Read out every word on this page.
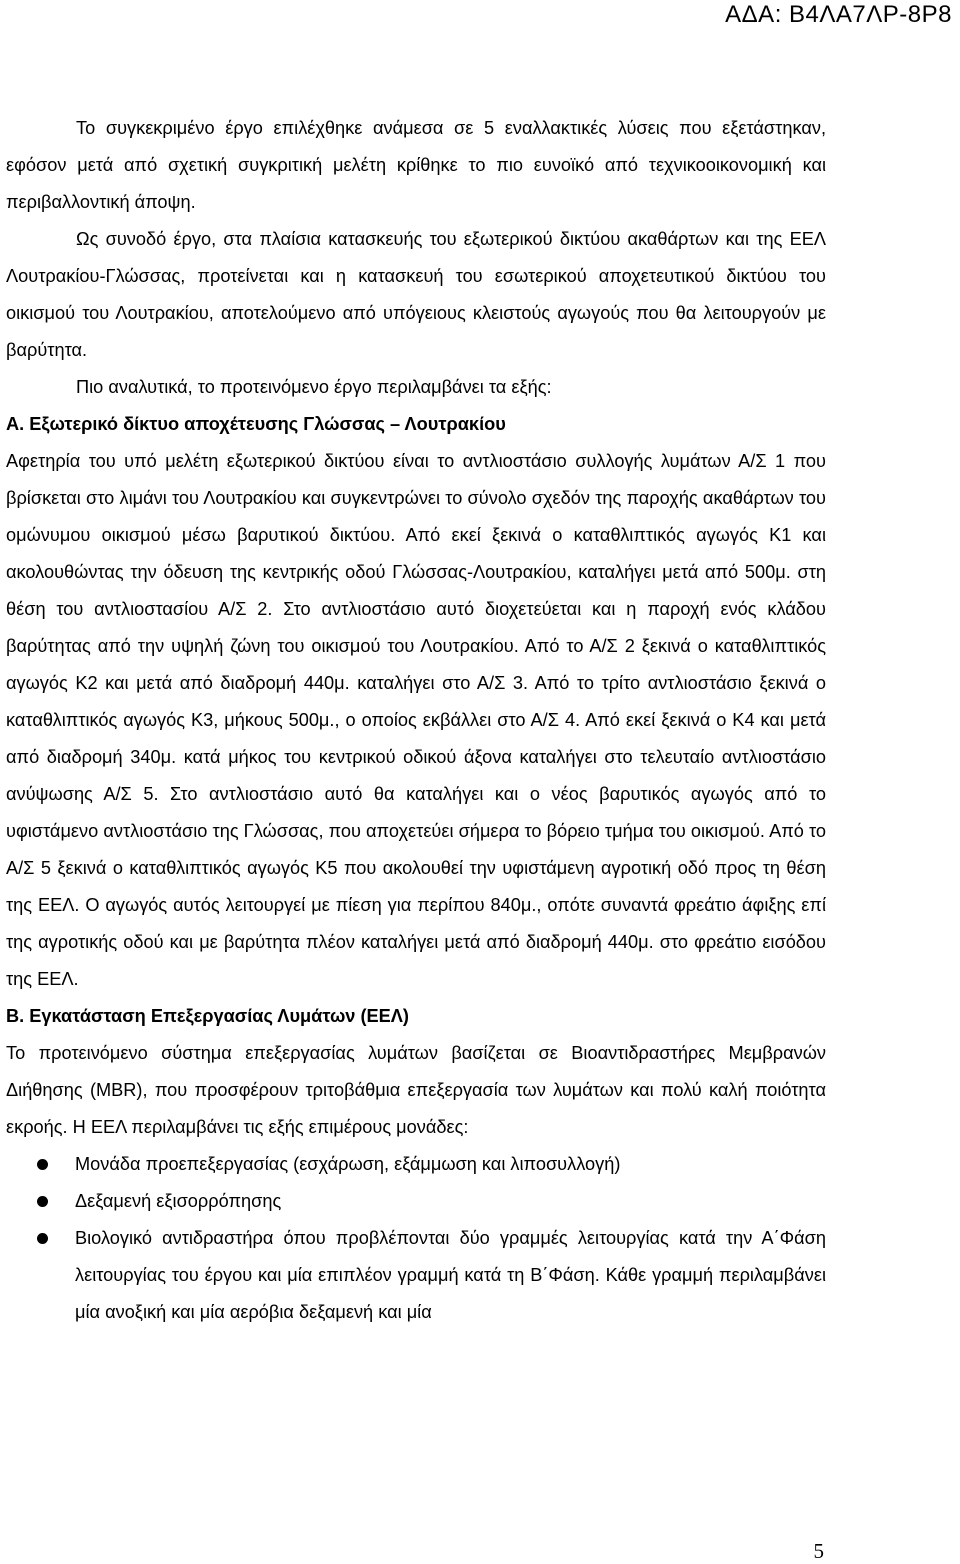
ΑΔΑ: Β4ΛΑ7ΛΡ-8Ρ8

Το συγκεκριμένο έργο επιλέχθηκε ανάμεσα σε 5 εναλλακτικές λύσεις που εξετάστηκαν, εφόσον μετά από σχετική συγκριτική μελέτη κρίθηκε το πιο ευνοϊκό από τεχνικοοικονομική και περιβαλλοντική άποψη.

Ως συνοδό έργο, στα πλαίσια κατασκευής του εξωτερικού δικτύου ακαθάρτων και της ΕΕΛ Λουτρακίου-Γλώσσας, προτείνεται και η κατασκευή του εσωτερικού αποχετευτικού δικτύου του οικισμού του Λουτρακίου, αποτελούμενο από υπόγειους κλειστούς αγωγούς που θα λειτουργούν με βαρύτητα.

Πιο αναλυτικά, το προτεινόμενο έργο περιλαμβάνει τα εξής:

Α. Εξωτερικό δίκτυο αποχέτευσης Γλώσσας – Λουτρακίου

Αφετηρία του υπό μελέτη εξωτερικού δικτύου είναι το αντλιοστάσιο συλλογής λυμάτων Α/Σ 1 που βρίσκεται στο λιμάνι του Λουτρακίου και συγκεντρώνει το σύνολο σχεδόν της παροχής ακαθάρτων του ομώνυμου οικισμού μέσω βαρυτικού δικτύου. Από εκεί ξεκινά ο καταθλιπτικός αγωγός Κ1 και ακολουθώντας την όδευση της κεντρικής οδού Γλώσσας-Λουτρακίου, καταλήγει μετά από 500μ. στη θέση του αντλιοστασίου Α/Σ 2. Στο αντλιοστάσιο αυτό διοχετεύεται και η παροχή ενός κλάδου βαρύτητας από την υψηλή ζώνη του οικισμού του Λουτρακίου. Από το Α/Σ 2 ξεκινά ο καταθλιπτικός αγωγός Κ2 και μετά από διαδρομή 440μ. καταλήγει στο Α/Σ 3. Από το τρίτο αντλιοστάσιο ξεκινά ο καταθλιπτικός αγωγός Κ3, μήκους 500μ., ο οποίος εκβάλλει στο Α/Σ 4. Από εκεί ξεκινά ο Κ4 και μετά από διαδρομή 340μ. κατά μήκος του κεντρικού οδικού άξονα καταλήγει στο τελευταίο αντλιοστάσιο ανύψωσης Α/Σ 5. Στο αντλιοστάσιο αυτό θα καταλήγει και ο νέος βαρυτικός αγωγός από το υφιστάμενο αντλιοστάσιο της Γλώσσας, που αποχετεύει σήμερα το βόρειο τμήμα του οικισμού. Από το Α/Σ 5 ξεκινά ο καταθλιπτικός αγωγός Κ5 που ακολουθεί την υφιστάμενη αγροτική οδό προς τη θέση της ΕΕΛ. Ο αγωγός αυτός λειτουργεί με πίεση για περίπου 840μ., οπότε συναντά φρεάτιο άφιξης επί της αγροτικής οδού και με βαρύτητα πλέον καταλήγει μετά από διαδρομή 440μ. στο φρεάτιο εισόδου της ΕΕΛ.

Β. Εγκατάσταση Επεξεργασίας Λυμάτων (ΕΕΛ)

Το προτεινόμενο σύστημα επεξεργασίας λυμάτων βασίζεται σε Βιοαντιδραστήρες Μεμβρανών Διήθησης (MBR), που προσφέρουν τριτοβάθμια επεξεργασία των λυμάτων και πολύ καλή ποιότητα εκροής. Η ΕΕΛ περιλαμβάνει τις εξής επιμέρους μονάδες:

Μονάδα προεπεξεργασίας (εσχάρωση, εξάμμωση και λιποσυλλογή)
Δεξαμενή εξισορρόπησης
Βιολογικό αντιδραστήρα όπου προβλέπονται δύο γραμμές λειτουργίας κατά την Α΄Φάση λειτουργίας του έργου και μία επιπλέον γραμμή κατά τη Β΄Φάση. Κάθε γραμμή περιλαμβάνει μία ανοξική και μία αερόβια δεξαμενή και μία
5
